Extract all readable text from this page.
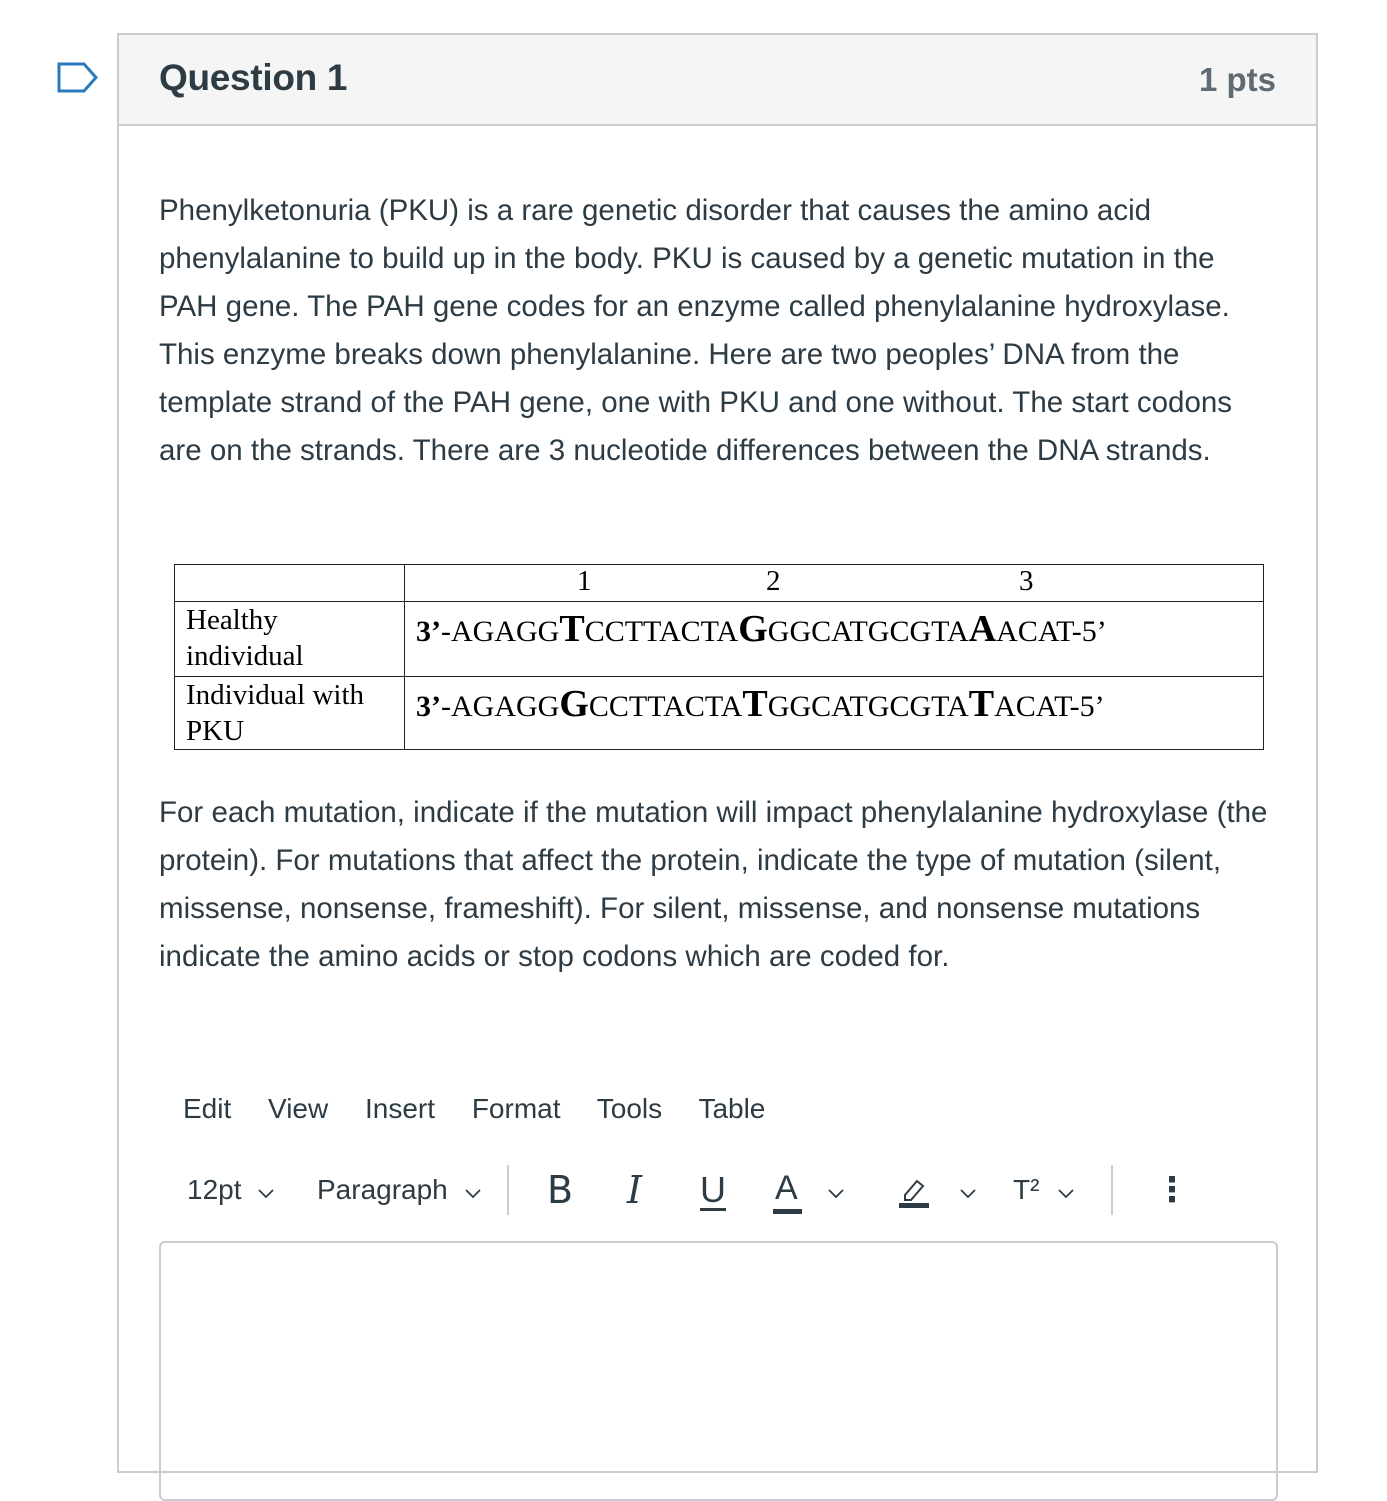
Question 1	1 pts

Phenylketonuria (PKU) is a rare genetic disorder that causes the amino acid phenylalanine to build up in the body. PKU is caused by a genetic mutation in the PAH gene. The PAH gene codes for an enzyme called phenylalanine hydroxylase. This enzyme breaks down phenylalanine. Here are two peoples’ DNA from the template strand of the PAH gene, one with PKU and one without. The start codons are on the strands. There are 3 nucleotide differences between the DNA strands.

	1 2 3

Healthy individual	3’-AGAGGTCCTTACTAGGGCATGCGTAAACAT-5’
Individual with PKU	3’-AGAGGGCCTTACTATGGCATGCGTATACAT-5’

For each mutation, indicate if the mutation will impact phenylalanine hydroxylase (the protein). For mutations that affect the protein, indicate the type of mutation (silent, missense, nonsense, frameshift). For silent, missense, and nonsense mutations indicate the amino acids or stop codons which are coded for.

Edit View Insert Format Tools Table
12pt	Paragraph	B I U A

	T²	⋮
